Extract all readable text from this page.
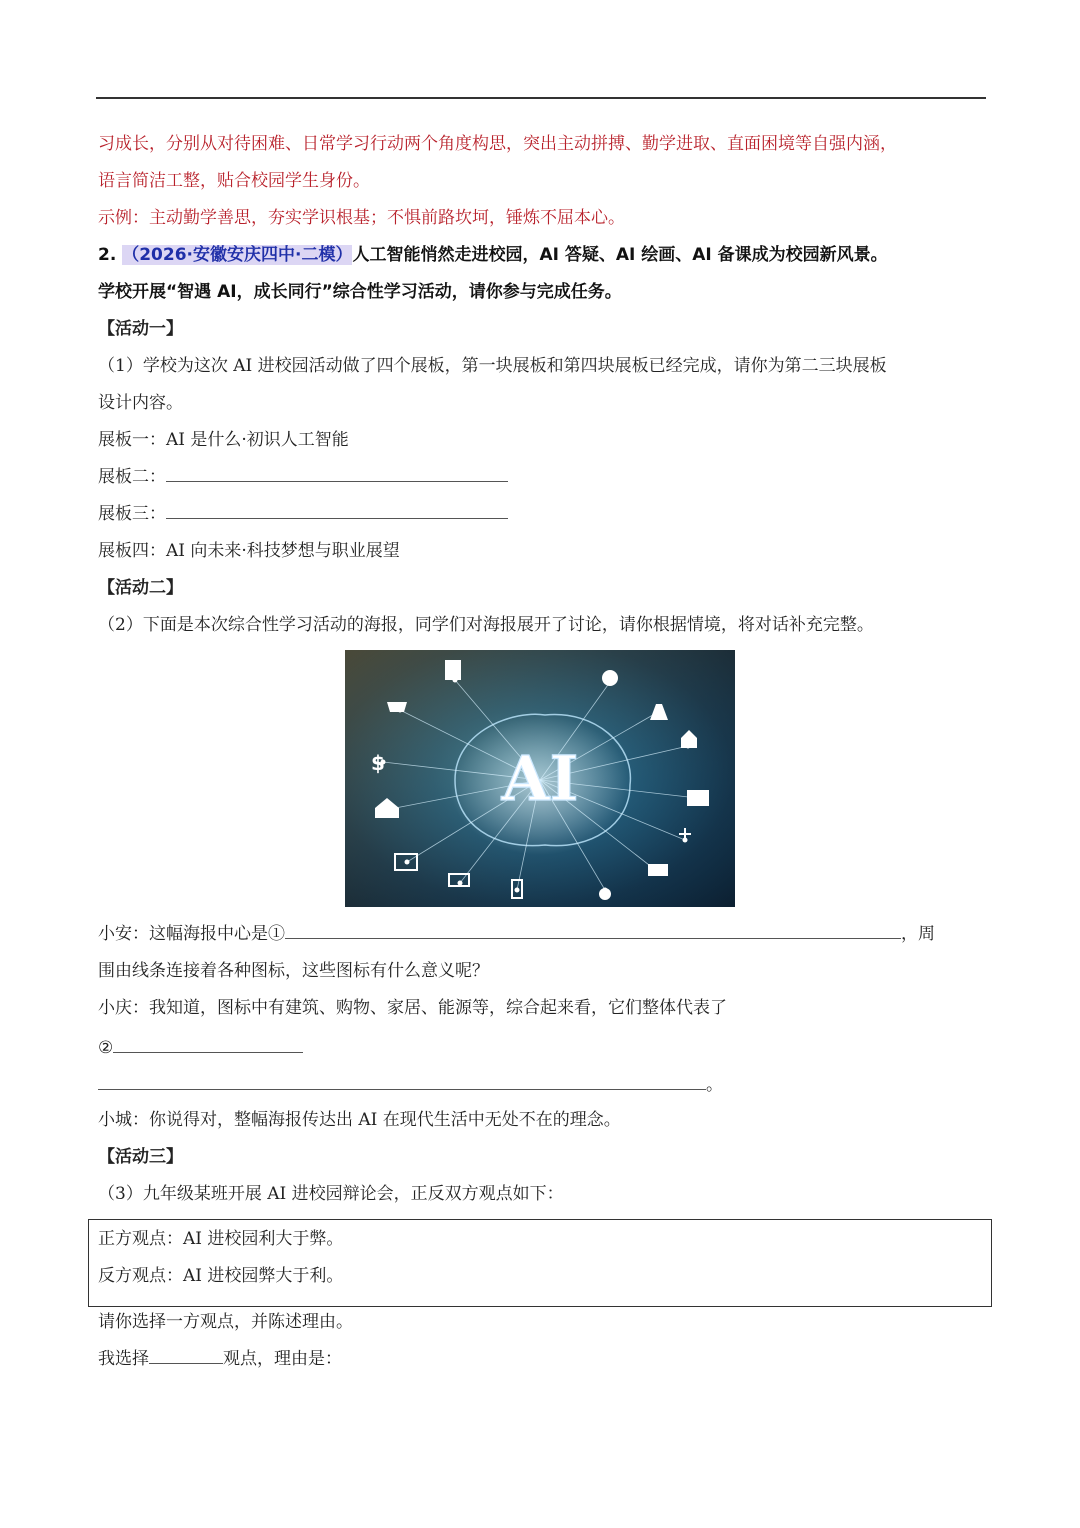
习成长，分别从对待困难、日常学习行动两个角度构思，突出主动拼搏、勤学进取、直面困境等自强内涵，
语言简洁工整，贴合校园学生身份。
示例：主动勤学善思，夯实学识根基；不惧前路坎坷，锤炼不屈本心。
2. （2026·安徽安庆四中·二模）人工智能悄然走进校园，AI 答疑、AI 绘画、AI 备课成为校园新风景。
学校开展“智遇 AI，成长同行”综合性学习活动，请你参与完成任务。
【活动一】
（1）学校为这次 AI 进校园活动做了四个展板，第一块展板和第四块展板已经完成，请你为第二三块展板
设计内容。
展板一：AI 是什么·初识人工智能
展板二：
展板三：
展板四：AI 向未来·科技梦想与职业展望
【活动二】
（2）下面是本次综合性学习活动的海报，同学们对海报展开了讨论，请你根据情境，将对话补充完整。
$ AI
小安：这幅海报中心是①	，周
围由线条连接着各种图标，这些图标有什么意义呢？
小庆：我知道，图标中有建筑、购物、家居、能源等，综合起来看，它们整体代表了
②
。
小城：你说得对，整幅海报传达出 AI 在现代生活中无处不在的理念。
【活动三】
（3）九年级某班开展 AI 进校园辩论会，正反双方观点如下：
正方观点：AI 进校园利大于弊。
反方观点：AI 进校园弊大于利。
请你选择一方观点，并陈述理由。
我选择	观点，理由是：
